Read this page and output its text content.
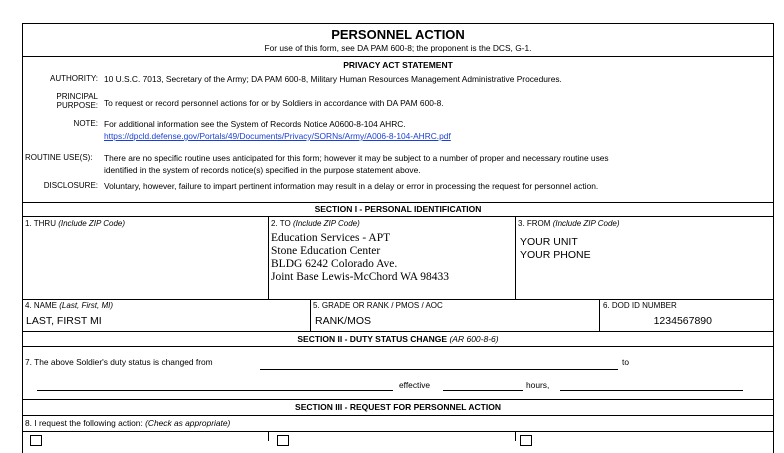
PERSONNEL ACTION
For use of this form, see DA PAM 600-8; the proponent is the DCS, G-1.
PRIVACY ACT STATEMENT
AUTHORITY: 10 U.S.C. 7013, Secretary of the Army; DA PAM 600-8, Military Human Resources Management Administrative Procedures.
PRINCIPAL
PURPOSE: To request or record personnel actions for or by Soldiers in accordance with DA PAM 600-8.
NOTE: For additional information see the System of Records Notice A0600-8-104 AHRC.
https://dpcld.defense.gov/Portals/49/Documents/Privacy/SORNs/Army/A006-8-104-AHRC.pdf
ROUTINE USE(S): There are no specific routine uses anticipated for this form; however it may be subject to a number of proper and necessary routine uses
identified in the system of records notice(s) specified in the purpose statement above.
DISCLOSURE: Voluntary, however, failure to impart pertinent information may result in a delay or error in processing the request for personnel action.
SECTION I - PERSONAL IDENTIFICATION
1. THRU (Include ZIP Code)	2. TO (Include ZIP Code)
Education Services - APT
Stone Education Center
BLDG 6242 Colorado Ave.
Joint Base Lewis-McChord WA 98433
3. FROM (Include ZIP Code)
YOUR UNIT
YOUR PHONE
4. NAME (Last, First, MI)
LAST, FIRST MI
5. GRADE OR RANK / PMOS / AOC
RANK/MOS
6. DOD ID NUMBER
1234567890
SECTION II - DUTY STATUS CHANGE (AR 600-8-6)
7. The above Soldier's duty status is changed from	to
effective	hours,
SECTION III - REQUEST FOR PERSONNEL ACTION
8. I request the following action: (Check as appropriate)
